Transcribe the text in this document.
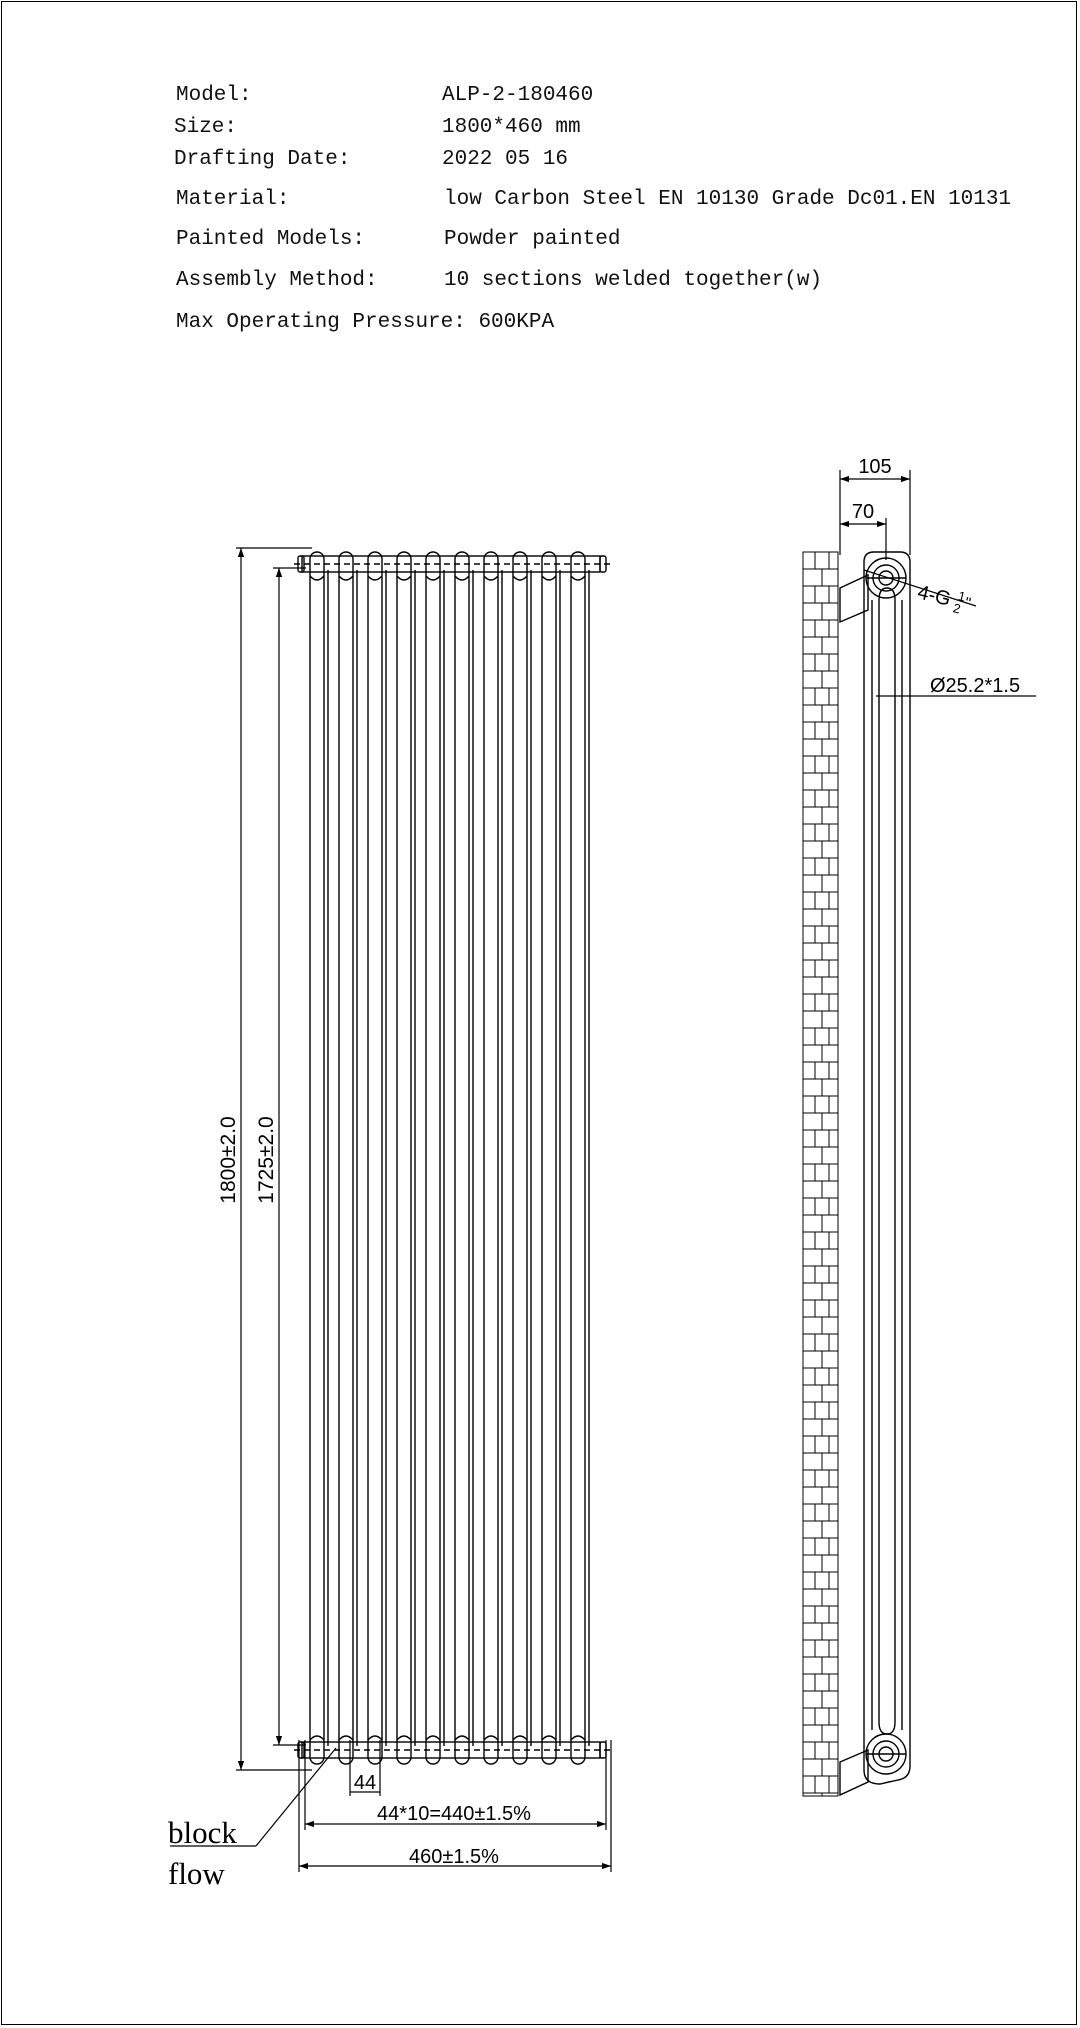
Model:	ALP-2-180460
Size:	1800*460 mm
Drafting Date:	2022 05 16
Material:	low Carbon Steel EN 10130 Grade Dc01.EN 10131
Painted Models:	Powder painted
Assembly Method:	10 sections welded together(w)
Max Operating Pressure: 600KPA
1800±2.0 1725±2.0
44
44*10=440±1.5%
460±1.5%
block
flow
105
70
4-G 1
2 "
Ø25.2*1.5
